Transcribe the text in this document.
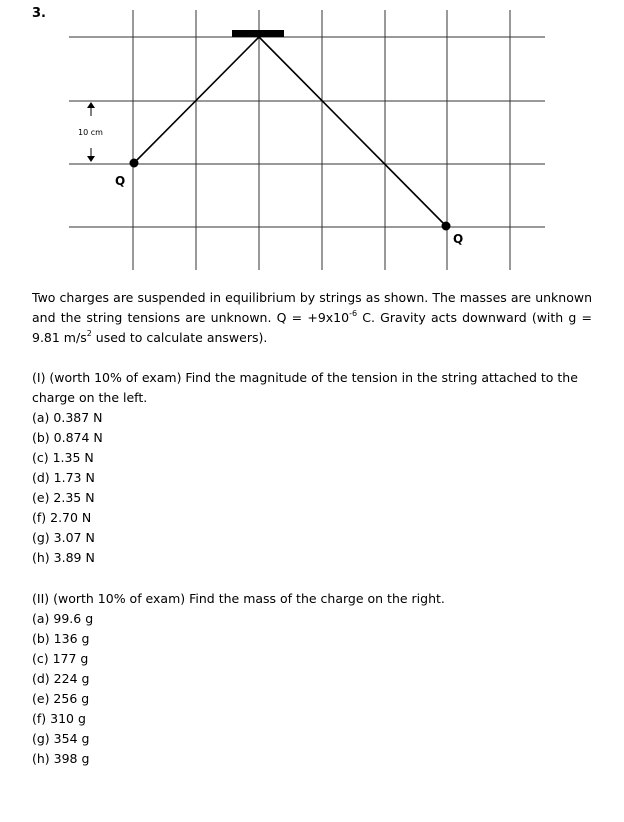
3.
Q
Q
10 cm
Two charges are suspended in equilibrium by strings as shown. The masses are unknown and the string tensions are unknown. $Q = +9x10^{-6}$ C. Gravity acts downward (with g = 9.81 $m/s^2$ used to calculate answers).
(I) (worth 10% of exam) Find the magnitude of the tension in the string attached to the charge on the left.
(a) 0.387 N
(b) 0.874 N
(c) 1.35 N
(d) 1.73 N
(e) 2.35 N
(f) 2.70 N
(g) 3.07 N
(h) 3.89 N
(II) (worth 10% of exam) Find the mass of the charge on the right.
(a) 99.6 g
(b) 136 g
(c) 177 g
(d) 224 g
(e) 256 g
(f) 310 g
(g) 354 g
(h) 398 g
